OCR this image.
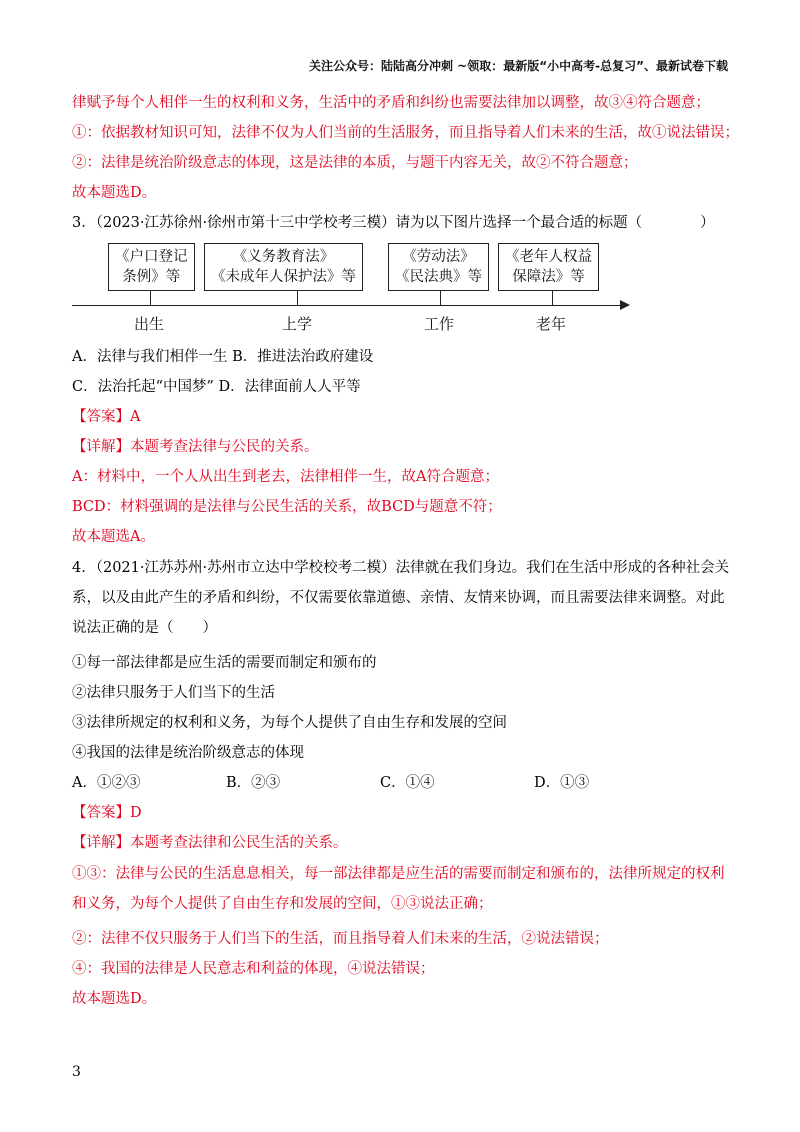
关注公众号：陆陆高分冲刺 ~领取：最新版“小中高考-总复习”、最新试卷下载

律赋予每个人相伴一生的权利和义务，生活中的矛盾和纠纷也需要法律加以调整，故③④符合题意；

①：依据教材知识可知，法律不仅为人们当前的生活服务，而且指导着人们未来的生活，故①说法错误；

②：法律是统治阶级意志的体现，这是法律的本质，与题干内容无关，故②不符合题意；

故本题选D。

3．（2023·江苏徐州·徐州市第十三中学校考三模）请为以下图片选择一个最合适的标题（　　　　）

《户口登记
条例》等
《义务教育法》
《未成年人保护法》等
《劳动法》
《民法典》等
《老年人权益
保障法》等
出生	上学	工作	老年

A．法律与我们相伴一生 B．推进法治政府建设

C．法治托起“中国梦” D．法律面前人人平等

【答案】A

【详解】本题考查法律与公民的关系。

A：材料中，一个人从出生到老去，法律相伴一生，故A符合题意；

BCD：材料强调的是法律与公民生活的关系，故BCD与题意不符；

故本题选A。

4．（2021·江苏苏州·苏州市立达中学校校考二模）法律就在我们身边。我们在生活中形成的各种社会关系，以及由此产生的矛盾和纠纷，不仅需要依靠道德、亲情、友情来协调，而且需要法律来调整。对此说法正确的是（　　）

①每一部法律都是应生活的需要而制定和颁布的

②法律只服务于人们当下的生活

③法律所规定的权利和义务，为每个人提供了自由生存和发展的空间

④我国的法律是统治阶级意志的体现

A．①②③	B．②③	C．①④	D．①③

【答案】D

【详解】本题考查法律和公民生活的关系。

①③：法律与公民的生活息息相关，每一部法律都是应生活的需要而制定和颁布的，法律所规定的权利和义务，为每个人提供了自由生存和发展的空间，①③说法正确；

②：法律不仅只服务于人们当下的生活，而且指导着人们未来的生活，②说法错误；

④：我国的法律是人民意志和利益的体现，④说法错误；

故本题选D。

3
